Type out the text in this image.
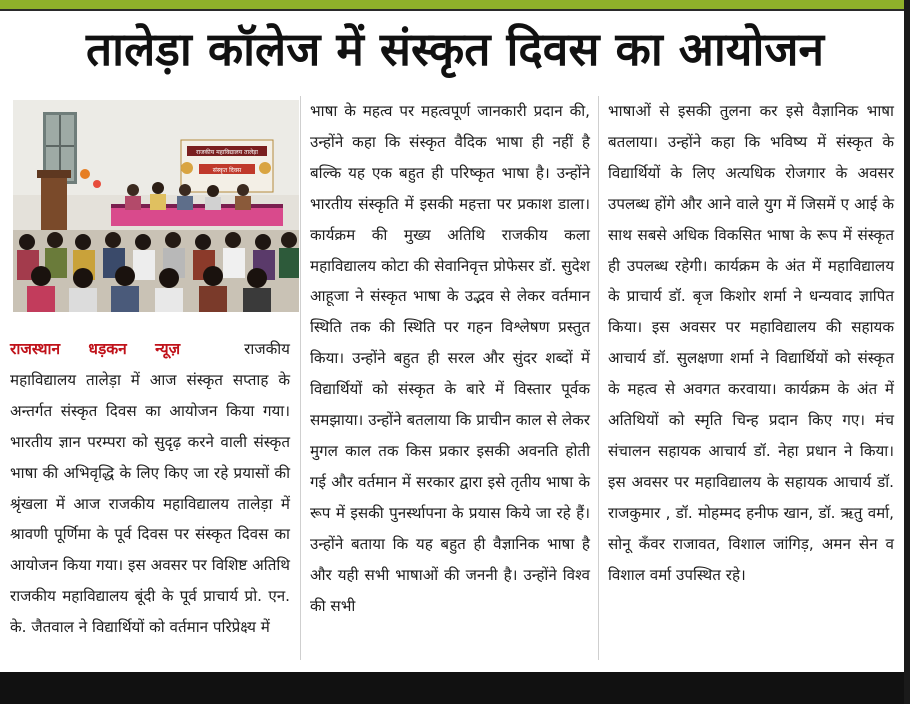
तालेड़ा कॉलेज में संस्कृत दिवस का आयोजन
राजकीय महाविद्यालय तालेड़ा
संस्कृत दिवस

राजस्थान धड़कन न्यूज़	राजकीय महाविद्यालय तालेड़ा में आज संस्कृत सप्ताह के अन्तर्गत संस्कृत दिवस का आयोजन किया गया। भारतीय ज्ञान परम्परा को सुदृढ़ करने वाली संस्कृत भाषा की अभिवृद्धि के लिए किए जा रहे प्रयासों की श्रृंखला में आज राजकीय महाविद्यालय तालेड़ा में श्रावणी पूर्णिमा के पूर्व दिवस पर संस्कृत दिवस का आयोजन किया गया। इस अवसर पर विशिष्ट अतिथि राजकीय महाविद्यालय बूंदी के पूर्व प्राचार्य प्रो. एन. के. जैतवाल ने विद्यार्थियों को वर्तमान परिप्रेक्ष्य में

भाषा के महत्व पर महत्वपूर्ण जानकारी प्रदान की, उन्होंने कहा कि संस्कृत वैदिक भाषा ही नहीं है बल्कि यह एक बहुत ही परिष्कृत भाषा है। उन्होंने भारतीय संस्कृति में इसकी महत्ता पर प्रकाश डाला। कार्यक्रम की मुख्य अतिथि राजकीय कला महाविद्यालय कोटा की सेवानिवृत्त प्रोफेसर डॉ. सुदेश आहूजा ने संस्कृत भाषा के उद्भव से लेकर वर्तमान स्थिति तक की स्थिति पर गहन विश्लेषण प्रस्तुत किया। उन्होंने बहुत ही सरल और सुंदर शब्दों में विद्यार्थियों को संस्कृत के बारे में विस्तार पूर्वक समझाया। उन्होंने बतलाया कि प्राचीन काल से लेकर मुगल काल तक किस प्रकार इसकी अवनति होती गई और वर्तमान में सरकार द्वारा इसे तृतीय भाषा के रूप में इसकी पुनर्स्थापना के प्रयास किये जा रहे हैं। उन्होंने बताया कि यह बहुत ही वैज्ञानिक भाषा है और यही सभी भाषाओं की जननी है। उन्होंने विश्व की सभी

भाषाओं से इसकी तुलना कर इसे वैज्ञानिक भाषा बतलाया। उन्होंने कहा कि भविष्य में संस्कृत के विद्यार्थियों के लिए अत्यधिक रोजगार के अवसर उपलब्ध होंगे और आने वाले युग में जिसमें ए आई के साथ सबसे अधिक विकसित भाषा के रूप में संस्कृत ही उपलब्ध रहेगी। कार्यक्रम के अंत में महाविद्यालय के प्राचार्य डॉ. बृज किशोर शर्मा ने धन्यवाद ज्ञापित किया। इस अवसर पर महाविद्यालय की सहायक आचार्य डॉ. सुलक्षणा शर्मा ने विद्यार्थियों को संस्कृत के महत्व से अवगत करवाया। कार्यक्रम के अंत में अतिथियों को स्मृति चिन्ह प्रदान किए गए। मंच संचालन सहायक आचार्य डॉ. नेहा प्रधान ने किया। इस अवसर पर महाविद्यालय के सहायक आचार्य डॉ. राजकुमार , डॉ. मोहम्मद हनीफ खान, डॉ. ऋतु वर्मा, सोनू कँवर राजावत, विशाल जांगिड़, अमन सेन व विशाल वर्मा उपस्थित रहे।
